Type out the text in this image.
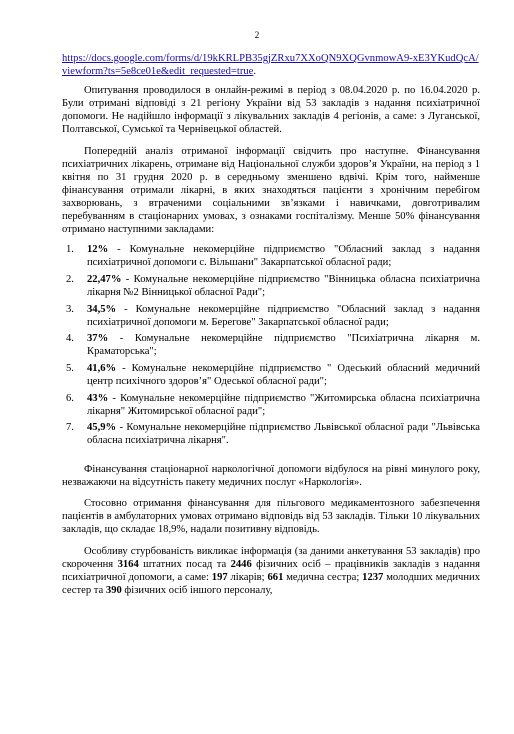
2

https://docs.google.com/forms/d/19kKRLPB35gjZRxu7XXoQN9XQGvnmowA9-xE3YKudQcA/viewform?ts=5e8ce01e&edit_requested=true.

Опитування проводилося в онлайн-режимі в період з 08.04.2020 р. по 16.04.2020 р. Були отримані відповіді з 21 регіону України від 53 закладів з надання психіатричної допомоги. Не надійшло інформації з лікувальних закладів 4 регіонів, а саме: з Луганської, Полтавської, Сумської та Чернівецької областей.

Попередній аналіз отриманої інформації свідчить про наступне. Фінансування психіатричних лікарень, отримане від Національної служби здоров’я України, на період з 1 квітня по 31 грудня 2020 р. в середньому зменшено вдвічі. Крім того, найменше фінансування отримали лікарні, в яких знаходяться пацієнти з хронічним перебігом захворювань, з втраченими соціальними зв’язками і навичками, довготривалим перебуванням в стаціонарних умовах, з ознаками госпіталізму. Менше 50% фінансування отримано наступними закладами:

1. 12% - Комунальне некомерційне підприємство "Обласний заклад з надання психіатричної допомоги с. Вільшани" Закарпатської обласної ради;
2. 22,47% - Комунальне некомерційне підприємство "Вінницька обласна психіатрична лікарня №2 Вінницької обласної Ради";
3. 34,5% - Комунальне некомерційне підприємство "Обласний заклад з надання психіатричної допомоги м. Берегове" Закарпатської обласної ради;
4. 37% - Комунальне некомерційне підприємство "Психіатрична лікарня м. Краматорська";
5. 41,6% - Комунальне некомерційне підприємство " Одеський обласний медичний центр психічного здоров’я" Одеської обласної ради";
6. 43% - Комунальне некомерційне підприємство "Житомирська обласна психіатрична лікарня" Житомирської обласної ради";
7. 45,9% - Комунальне некомерційне підприємство Львівської обласної ради "Львівська обласна психіатрична лікарня".

Фінансування стаціонарної наркологічної допомоги відбулося на рівні минулого року, незважаючи на відсутність пакету медичних послуг «Наркологія».

Стосовно отримання фінансування для пільгового медикаментозного забезпечення пацієнтів в амбулаторних умовах отримано відповідь від 53 закладів. Тільки 10 лікувальних закладів, що складає 18,9%, надали позитивну відповідь.

Особливу стурбованість викликає інформація (за даними анкетування 53 закладів) про скорочення 3164 штатних посад та 2446 фізичних осіб – працівників закладів з надання психіатричної допомоги, а саме: 197 лікарів; 661 медична сестра; 1237 молодших медичних сестер та 390 фізичних осіб іншого персоналу,
